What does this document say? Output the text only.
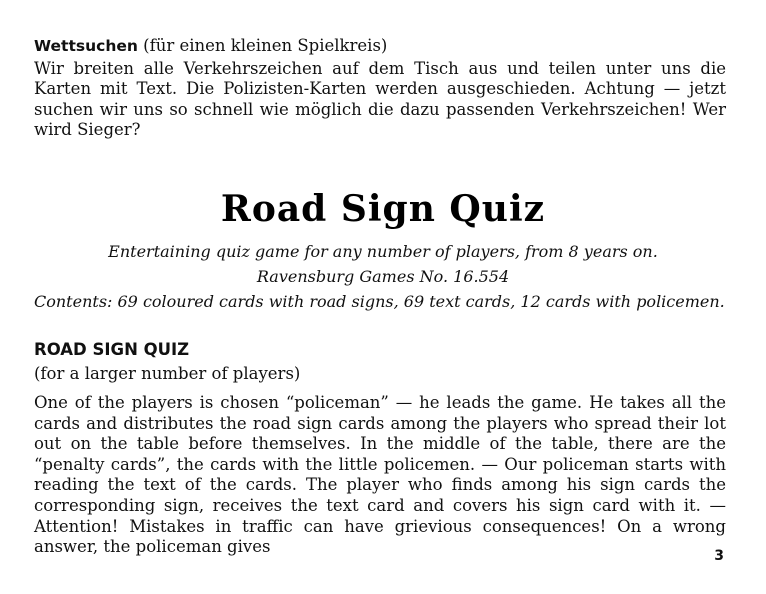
Wettsuchen (für einen kleinen Spielkreis)

Wir breiten alle Verkehrszeichen auf dem Tisch aus und teilen unter uns die Karten mit Text. Die Polizisten-Karten werden ausgeschieden. Achtung — jetzt suchen wir uns so schnell wie möglich die dazu passenden Verkehrszeichen! Wer wird Sieger?

Road Sign Quiz

Entertaining quiz game for any number of players, from 8 years on.

Ravensburg Games No. 16.554

Contents: 69 coloured cards with road signs, 69 text cards, 12 cards with policemen.

ROAD SIGN QUIZ

(for a larger number of players)

One of the players is chosen “policeman” — he leads the game. He takes all the cards and distributes the road sign cards among the players who spread their lot out on the table before themselves. In the middle of the table, there are the “penalty cards”, the cards with the little policemen. — Our policeman starts with reading the text of the cards. The player who finds among his sign cards the corresponding sign, receives the text card and covers his sign card with it. — Attention! Mistakes in traffic can have grievious consequences! On a wrong answer, the policeman gives	3
